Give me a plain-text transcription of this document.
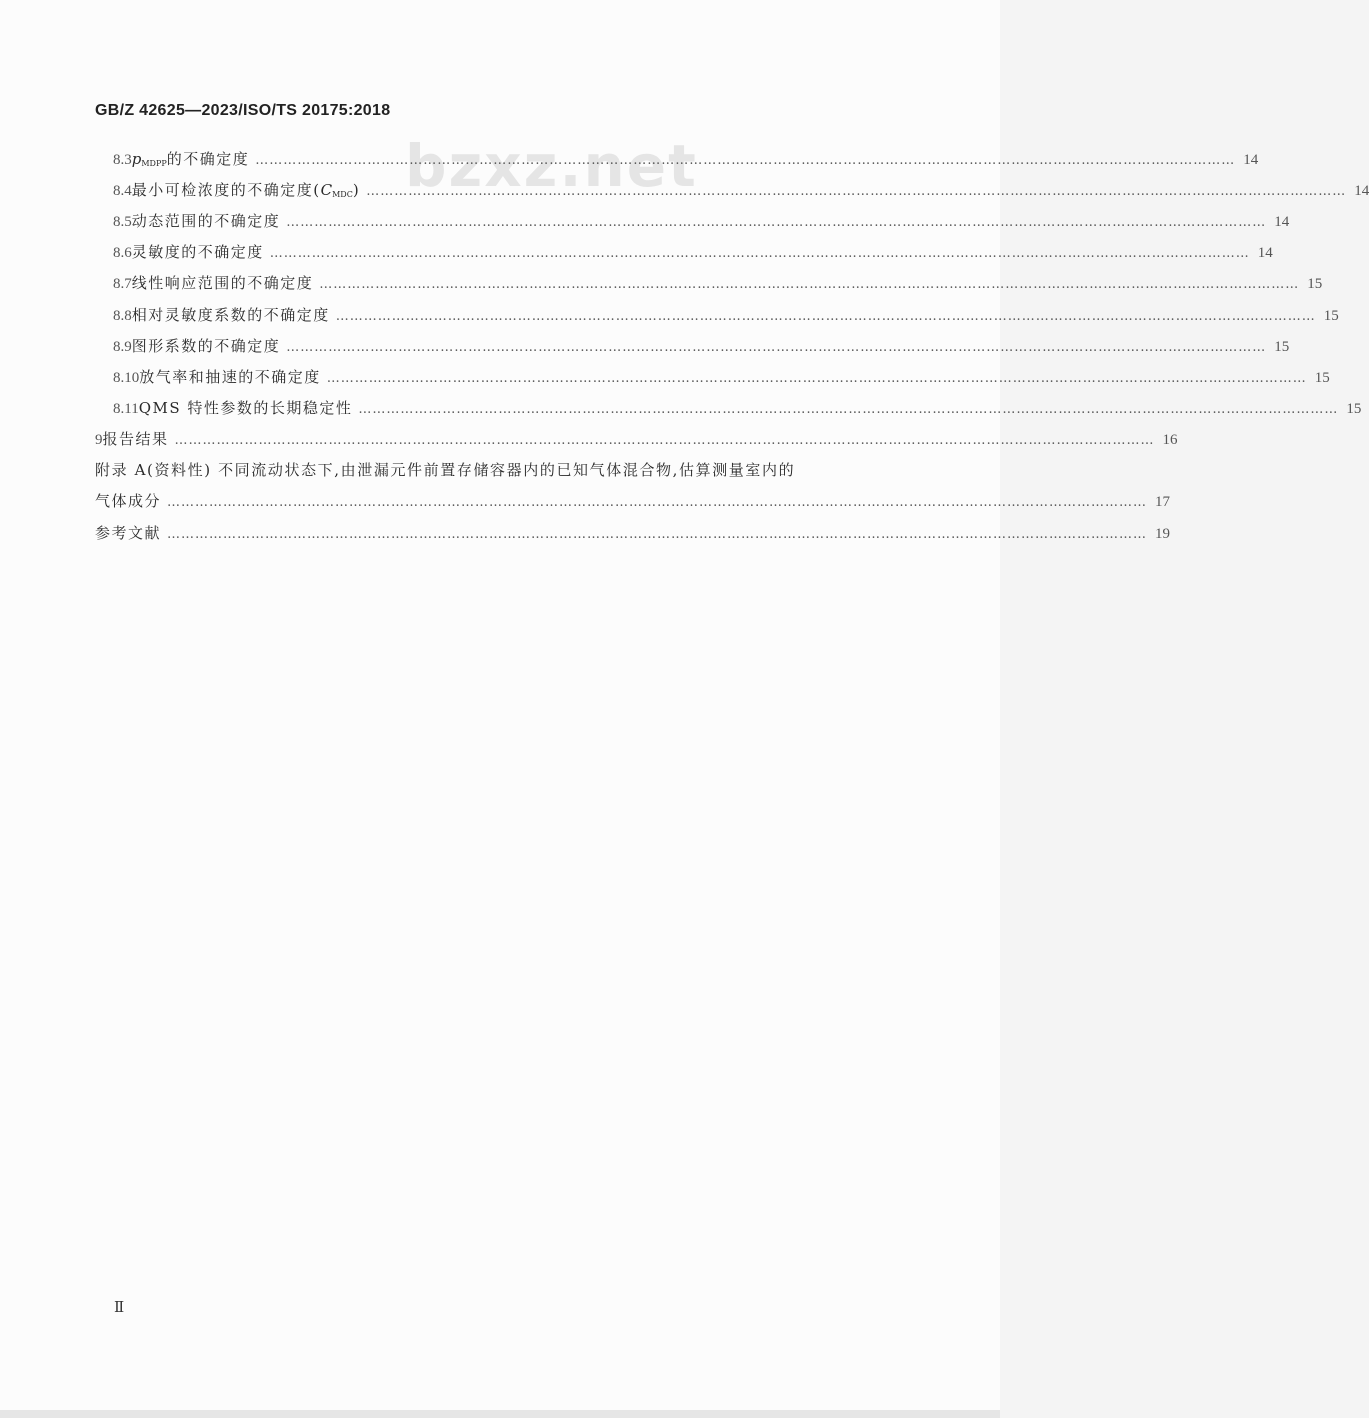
bzxz.net
GB/Z 42625—2023/ISO/TS 20175:2018
8.3 $p_{MDPP}$的不确定度 ………………………………………………………………………………………………………………………………………………………………………………………… 14
8.4 最小可检浓度的不确定度$(C_{MDC})$ ………………………………………………………………………………………………………………………………………………………………………………………… 14
8.5 动态范围的不确定度 ………………………………………………………………………………………………………………………………………………………………………………………… 14
8.6 灵敏度的不确定度 ………………………………………………………………………………………………………………………………………………………………………………………… 14
8.7 线性响应范围的不确定度 ………………………………………………………………………………………………………………………………………………………………………………………… 15
8.8 相对灵敏度系数的不确定度 ………………………………………………………………………………………………………………………………………………………………………………………… 15
8.9 图形系数的不确定度 ………………………………………………………………………………………………………………………………………………………………………………………… 15
8.10 放气率和抽速的不确定度 ………………………………………………………………………………………………………………………………………………………………………………………… 15
8.11 QMS 特性参数的长期稳定性 ………………………………………………………………………………………………………………………………………………………………………………………… 15
9 报告结果 ………………………………………………………………………………………………………………………………………………………………………………………… 16
附录 A(资料性) 不同流动状态下,由泄漏元件前置存储容器内的已知气体混合物,估算测量室内的
气体成分 ………………………………………………………………………………………………………………………………………………………………………………………… 17
参考文献 ………………………………………………………………………………………………………………………………………………………………………………………… 19
Ⅱ
